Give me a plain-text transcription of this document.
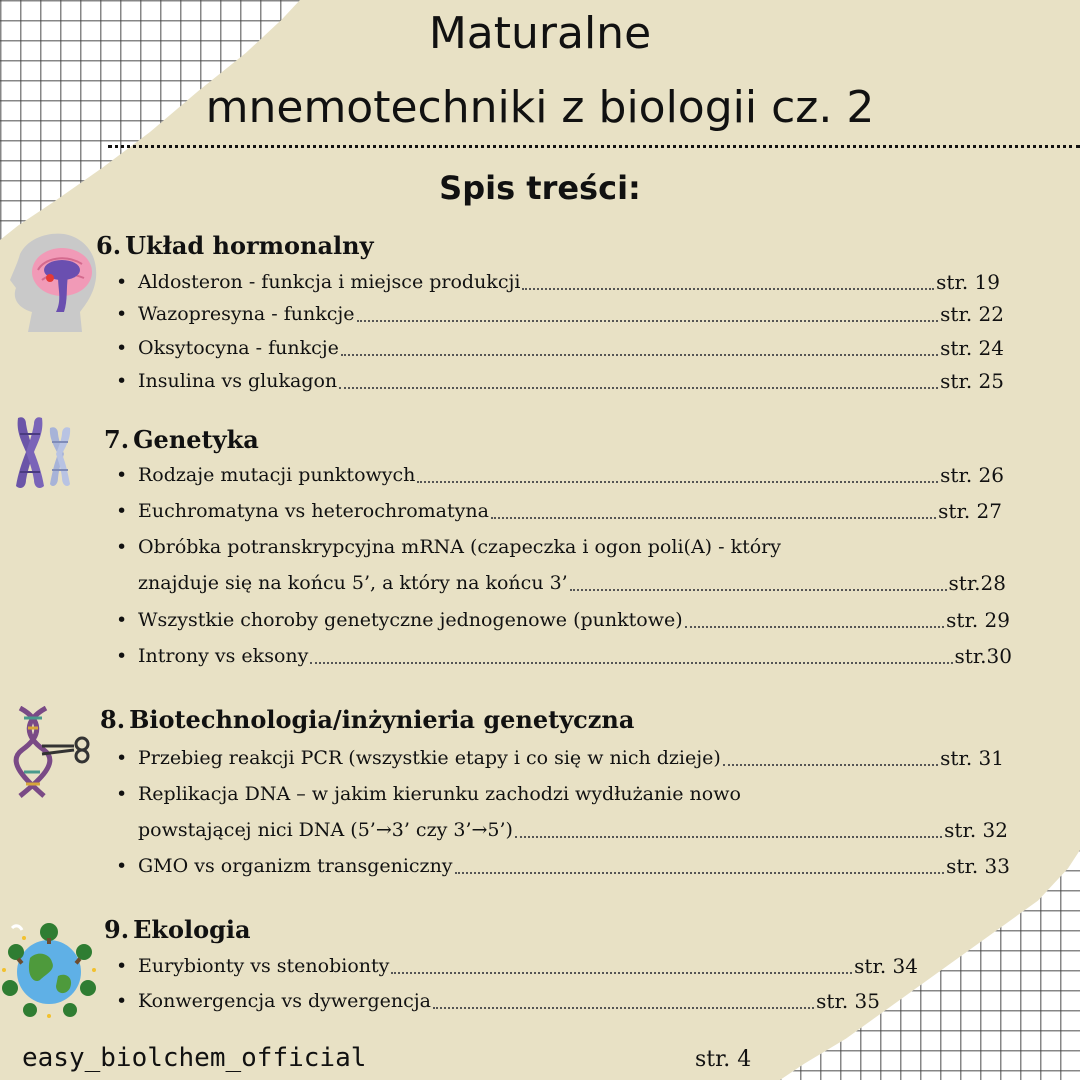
Maturalne
mnemotechniki z biologii cz. 2
Spis treści:
6. Układ hormonalny
• Aldosteron - funkcja i miejsce produkcji	str. 19
• Wazopresyna - funkcje	str. 22
• Oksytocyna - funkcje	str. 24
• Insulina vs glukagon	str. 25
7. Genetyka
• Rodzaje mutacji punktowych	str. 26
• Euchromatyna vs heterochromatyna	str. 27
• Obróbka potranskrypcyjna mRNA (czapeczka i ogon poli(A) - który
znajduje się na końcu 5’, a który na końcu 3’	str.28
• Wszystkie choroby genetyczne jednogenowe (punktowe)	str. 29
• Introny vs eksony	str.30
8. Biotechnologia/inżynieria genetyczna
• Przebieg reakcji PCR (wszystkie etapy i co się w nich dzieje)	str. 31
• Replikacja DNA – w jakim kierunku zachodzi wydłużanie nowo
powstającej nici DNA (5’→3’ czy 3’→5’)	str. 32
• GMO vs organizm transgeniczny	str. 33
9. Ekologia
• Eurybionty vs stenobionty	str. 34
• Konwergencja vs dywergencja	str. 35
easy_biolchem_official	str. 4
